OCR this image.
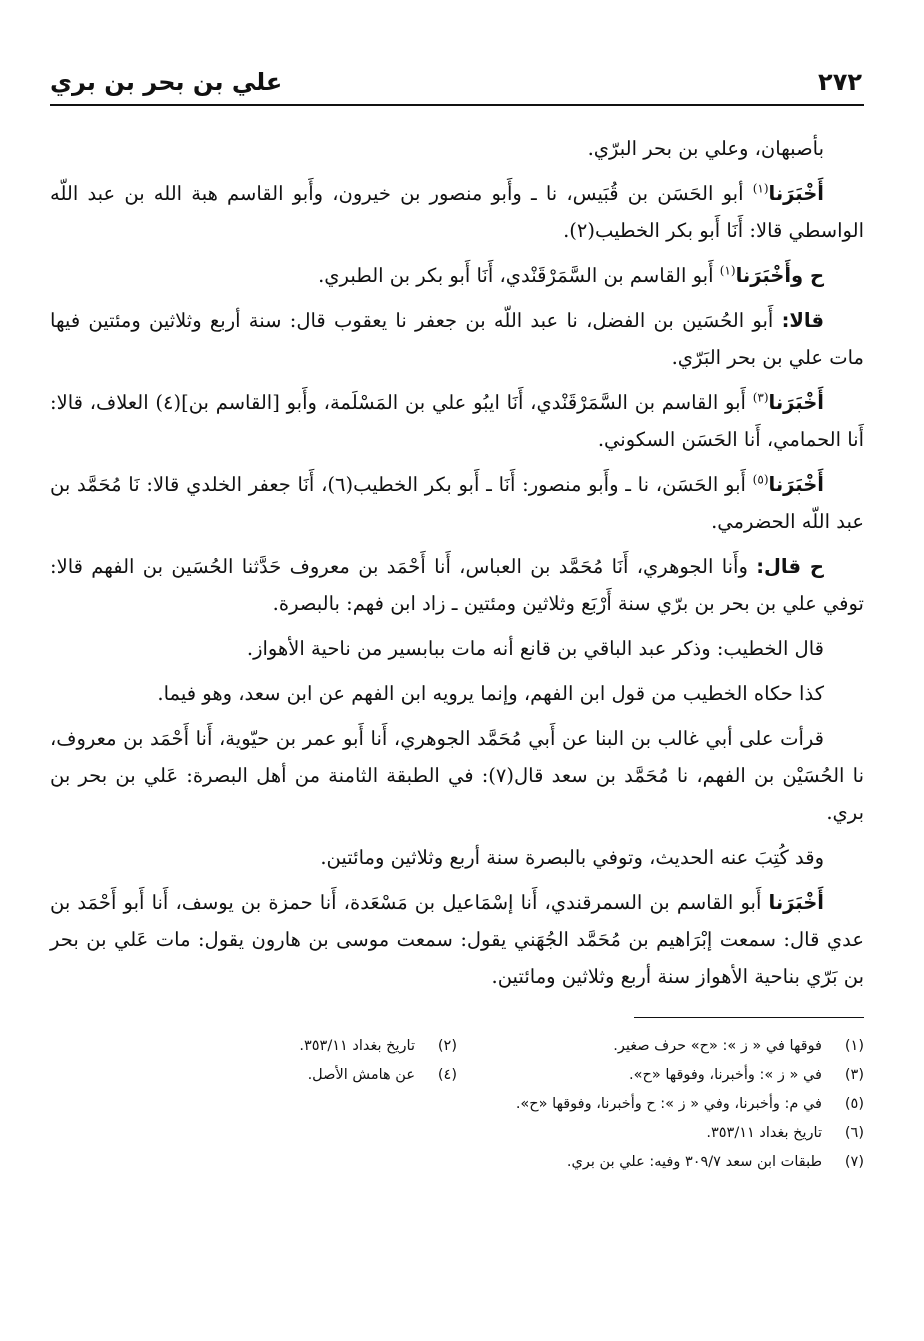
٢٧٢
علي بن بحر بن بري

بأصبهان، وعلي بن بحر البرّي.

أَخْبَرَنا$^{(١)}$ أبو الحَسَن بن قُبَيس، نا ـ وأَبو منصور بن خيرون، وأَبو القاسم هبة الله بن عبد اللّه الواسطي قالا: أَنَا أَبو بكر الخطيب(٢).

ح وأَخْبَرَنا$^{(١)}$ أَبو القاسم بن السَّمَرْقَنْدي، أَنَا أَبو بكر بن الطبري.

قالا: أَبو الحُسَين بن الفضل، نا عبد اللّه بن جعفر نا يعقوب قال: سنة أربع وثلاثين ومئتين فيها مات علي بن بحر البَرّي.

أَخْبَرَنا$^{(٣)}$ أَبو القاسم بن السَّمَرْقَنْدي، أَنَا ايبُو علي بن المَسْلَمة، وأَبو [القاسم بن](٤) العلاف، قالا: أَنا الحمامي، أَنا الحَسَن السكوني.

أَخْبَرَنا$^{(٥)}$ أَبو الحَسَن، نا ـ وأَبو منصور: أَنَا ـ أَبو بكر الخطيب(٦)، أَنَا جعفر الخلدي قالا: نَا مُحَمَّد بن عبد اللّه الحضرمي.

ح قال: وأَنا الجوهري، أَنَا مُحَمَّد بن العباس، أَنا أَحْمَد بن معروف حَدَّثنا الحُسَين بن الفهم قالا: توفي علي بن بحر بن برّي سنة أَرْبَع وثلاثين ومئتين ـ زاد ابن فهم: بالبصرة.

قال الخطيب: وذكر عبد الباقي بن قانع أنه مات ببابسير من ناحية الأهواز.

كذا حكاه الخطيب من قول ابن الفهم، وإنما يرويه ابن الفهم عن ابن سعد، وهو فيما.

قرأت على أبي غالب بن البنا عن أَبي مُحَمَّد الجوهري، أَنا أَبو عمر بن حيّوية، أَنا أَحْمَد بن معروف، نا الحُسَيْن بن الفهم، نا مُحَمَّد بن سعد قال(٧): في الطبقة الثامنة من أهل البصرة: عَلي بن بحر بن بري.

وقد كُتِبَ عنه الحديث، وتوفي بالبصرة سنة أربع وثلاثين ومائتين.

أَخْبَرَنا أَبو القاسم بن السمرقندي، أَنا إسْمَاعيل بن مَسْعَدة، أَنا حمزة بن يوسف، أَنا أَبو أَحْمَد بن عدي قال: سمعت إبْرَاهيم بن مُحَمَّد الجُهَني يقول: سمعت موسى بن هارون يقول: مات عَلي بن بحر بن بَرّي بناحية الأهواز سنة أربع وثلاثين ومائتين.

(١)
فوقها في « ز »: «ح» حرف صغير.
(٢)
تاريخ بغداد ٣٥٣/١١.
(٣)
في « ز »: وأخبرنا، وفوقها «ح».
(٤)
عن هامش الأصل.
(٥)
في م: وأخبرنا، وفي « ز »: ح وأخبرنا، وفوقها «ح».
(٦)
تاريخ بغداد ٣٥٣/١١.
(٧)
طبقات ابن سعد ٣٠٩/٧ وفيه: علي بن بري.
